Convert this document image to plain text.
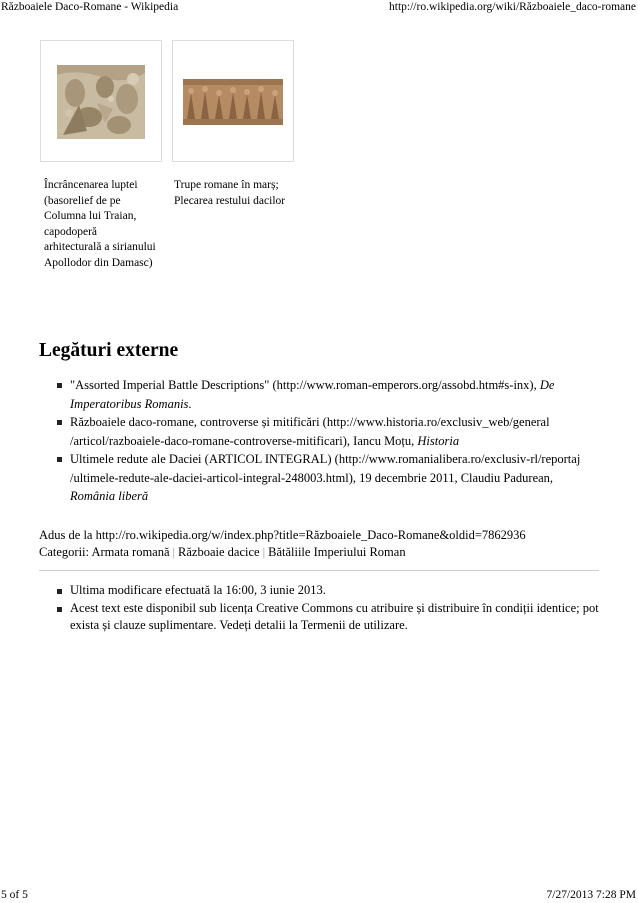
Războaiele Daco-Romane - Wikipedia	http://ro.wikipedia.org/wiki/Războaiele_daco-romane
Încrâncenarea luptei (basorelief de pe Columna lui Traian, capodoperă arhitecturală a sirianului Apollodor din Damasc)
Trupe romane în marș; Plecarea restului dacilor
Legături externe
"Assorted Imperial Battle Descriptions" (http://www.roman-emperors.org/assobd.htm#s-inx), De Imperatoribus Romanis.
Războaiele daco-romane, controverse și mitificări (http://www.historia.ro/exclusiv_web/general /articol/razboaiele-daco-romane-controverse-mitificari), Iancu Moțu, Historia
Ultimele redute ale Daciei (ARTICOL INTEGRAL) (http://www.romanialibera.ro/exclusiv-rl/reportaj /ultimele-redute-ale-daciei-articol-integral-248003.html), 19 decembrie 2011, Claudiu Padurean, România liberă
Adus de la http://ro.wikipedia.org/w/index.php?title=Războaiele_Daco-Romane&oldid=7862936
Categorii: Armata romană | Războaie dacice | Bătăliile Imperiului Roman
Ultima modificare efectuată la 16:00, 3 iunie 2013.
Acest text este disponibil sub licența Creative Commons cu atribuire și distribuire în condiții identice; pot exista și clauze suplimentare. Vedeți detalii la Termenii de utilizare.
5 of 5	7/27/2013 7:28 PM
